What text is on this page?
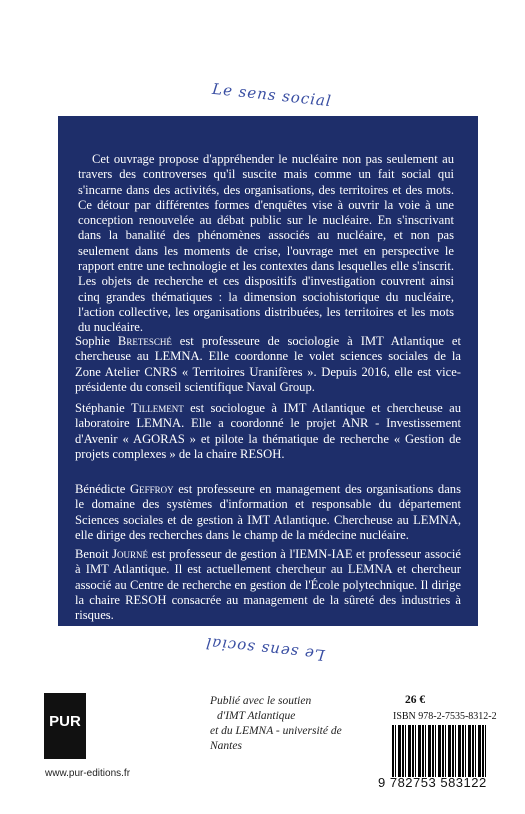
Le sens social

Cet ouvrage propose d'appréhender le nucléaire non pas seulement au travers des controverses qu'il suscite mais comme un fait social qui s'incarne dans des activités, des organisations, des territoires et des mots. Ce détour par différentes formes d'enquêtes vise à ouvrir la voie à une conception renouvelée au débat public sur le nucléaire. En s'inscrivant dans la banalité des phénomènes associés au nucléaire, et non pas seulement dans les moments de crise, l'ouvrage met en perspective le rapport entre une technologie et les contextes dans lesquelles elle s'inscrit. Les objets de recherche et ces dispositifs d'investigation couvrent ainsi cinq grandes thématiques : la dimension sociohistorique du nucléaire, l'action collective, les organisations distribuées, les territoires et les mots du nucléaire.

Sophie Bretesché est professeure de sociologie à IMT Atlantique et chercheuse au LEMNA. Elle coordonne le volet sciences sociales de la Zone Atelier CNRS « Territoires Uranifères ». Depuis 2016, elle est vice-présidente du conseil scientifique Naval Group.

Stéphanie Tillement est sociologue à IMT Atlantique et chercheuse au laboratoire LEMNA. Elle a coordonné le projet ANR - Investissement d'Avenir « AGORAS » et pilote la thématique de recherche « Gestion de projets complexes » de la chaire RESOH.

Bénédicte Geffroy est professeure en management des organisations dans le domaine des systèmes d'information et responsable du département Sciences sociales et de gestion à IMT Atlantique. Chercheuse au LEMNA, elle dirige des recherches dans le champ de la médecine nucléaire.

Benoit Journé est professeur de gestion à l'IEMN-IAE et professeur associé à IMT Atlantique. Il est actuellement chercheur au LEMNA et chercheur associé au Centre de recherche en gestion de l'École polytechnique. Il dirige la chaire RESOH consacrée au management de la sûreté des industries à risques.

Le sens social
PUR
www.pur-editions.fr
Publié avec le soutien
d'IMT Atlantique
et du LEMNA - université de Nantes
26 €
ISBN 978-2-7535-8312-2
9 782753 583122
